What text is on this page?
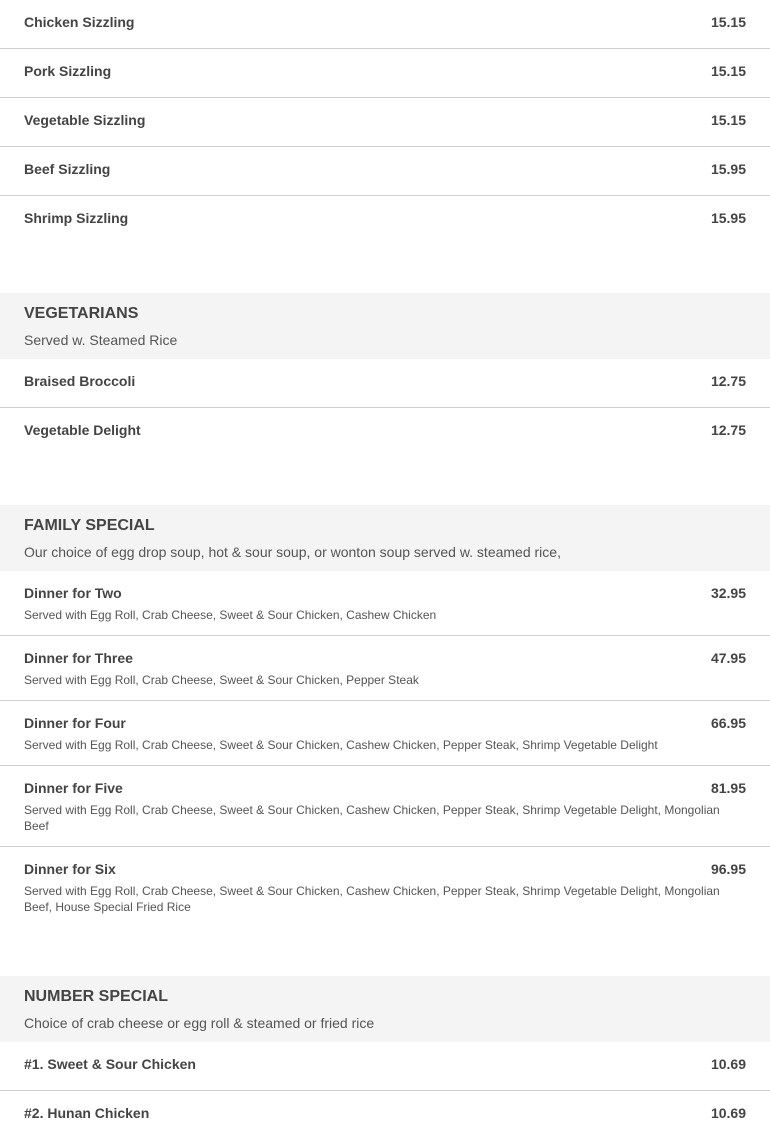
Chicken Sizzling	15.15
Pork Sizzling	15.15
Vegetable Sizzling	15.15
Beef Sizzling	15.95
Shrimp Sizzling	15.95
VEGETARIANS
Served w. Steamed Rice
Braised Broccoli	12.75
Vegetable Delight	12.75
FAMILY SPECIAL
Our choice of egg drop soup, hot & sour soup, or wonton soup served w. steamed rice,
Dinner for Two	32.95
Served with Egg Roll, Crab Cheese, Sweet & Sour Chicken, Cashew Chicken
Dinner for Three	47.95
Served with Egg Roll, Crab Cheese, Sweet & Sour Chicken, Pepper Steak
Dinner for Four	66.95
Served with Egg Roll, Crab Cheese, Sweet & Sour Chicken, Cashew Chicken, Pepper Steak, Shrimp Vegetable Delight
Dinner for Five	81.95
Served with Egg Roll, Crab Cheese, Sweet & Sour Chicken, Cashew Chicken, Pepper Steak, Shrimp Vegetable Delight, Mongolian Beef
Dinner for Six	96.95
Served with Egg Roll, Crab Cheese, Sweet & Sour Chicken, Cashew Chicken, Pepper Steak, Shrimp Vegetable Delight, Mongolian Beef, House Special Fried Rice
NUMBER SPECIAL
Choice of crab cheese or egg roll & steamed or fried rice
#1. Sweet & Sour Chicken	10.69
#2. Hunan Chicken	10.69
